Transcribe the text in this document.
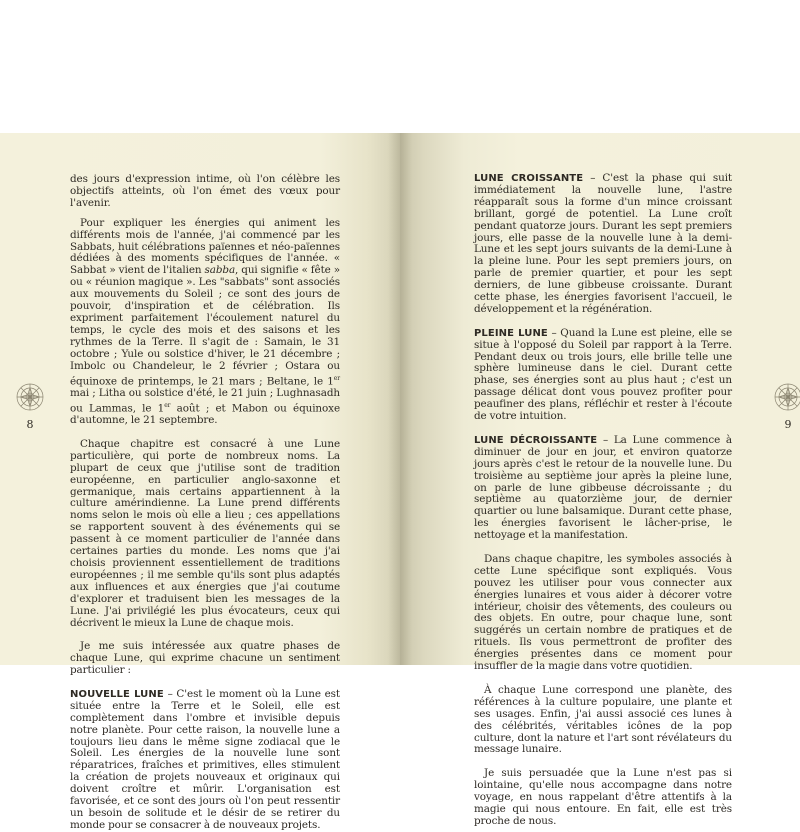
des jours d'expression intime, où l'on célèbre les objectifs atteints, où l'on émet des vœux pour l'avenir.

Pour expliquer les énergies qui animent les différents mois de l'année, j'ai commencé par les Sabbats, huit célébrations païennes et néo-païennes dédiées à des moments spécifiques de l'année. « Sabbat » vient de l'italien sabba, qui signifie « fête » ou « réunion magique ». Les "sabbats" sont associés aux mouvements du Soleil ; ce sont des jours de pouvoir, d'inspiration et de célébration. Ils expriment parfaitement l'écoulement naturel du temps, le cycle des mois et des saisons et les rythmes de la Terre. Il s'agit de : Samain, le 31 octobre ; Yule ou solstice d'hiver, le 21 décembre ; Imbolc ou Chandeleur, le 2 février ; Ostara ou équinoxe de printemps, le 21 mars ; Beltane, le 1er mai ; Litha ou solstice d'été, le 21 juin ; Lughnasadh ou Lammas, le 1er août ; et Mabon ou équinoxe d'automne, le 21 septembre.

Chaque chapitre est consacré à une Lune particulière, qui porte de nombreux noms. La plupart de ceux que j'utilise sont de tradition européenne, en particulier anglo-saxonne et germanique, mais certains appartiennent à la culture amérindienne. La Lune prend différents noms selon le mois où elle a lieu ; ces appellations se rapportent souvent à des événements qui se passent à ce moment particulier de l'année dans certaines parties du monde. Les noms que j'ai choisis proviennent essentiellement de traditions européennes ; il me semble qu'ils sont plus adaptés aux influences et aux énergies que j'ai coutume d'explorer et traduisent bien les messages de la Lune. J'ai privilégié les plus évocateurs, ceux qui décrivent le mieux la Lune de chaque mois.

Je me suis intéressée aux quatre phases de chaque Lune, qui exprime chacune un sentiment particulier :

NOUVELLE LUNE – C'est le moment où la Lune est située entre la Terre et le Soleil, elle est complètement dans l'ombre et invisible depuis notre planète. Pour cette raison, la nouvelle lune a toujours lieu dans le même signe zodiacal que le Soleil. Les énergies de la nouvelle lune sont réparatrices, fraîches et primitives, elles stimulent la création de projets nouveaux et originaux qui doivent croître et mûrir. L'organisation est favorisée, et ce sont des jours où l'on peut ressentir un besoin de solitude et le désir de se retirer du monde pour se consacrer à de nouveaux projets.

LUNE CROISSANTE – C'est la phase qui suit immédiatement la nouvelle lune, l'astre réapparaît sous la forme d'un mince croissant brillant, gorgé de potentiel. La Lune croît pendant quatorze jours. Durant les sept premiers jours, elle passe de la nouvelle lune à la demi-Lune et les sept jours suivants de la demi-Lune à la pleine lune. Pour les sept premiers jours, on parle de premier quartier, et pour les sept derniers, de lune gibbeuse croissante. Durant cette phase, les énergies favorisent l'accueil, le développement et la régénération.

PLEINE LUNE – Quand la Lune est pleine, elle se situe à l'opposé du Soleil par rapport à la Terre. Pendant deux ou trois jours, elle brille telle une sphère lumineuse dans le ciel. Durant cette phase, ses énergies sont au plus haut ; c'est un passage délicat dont vous pouvez profiter pour peaufiner des plans, réfléchir et rester à l'écoute de votre intuition.

LUNE DÉCROISSANTE – La Lune commence à diminuer de jour en jour, et environ quatorze jours après c'est le retour de la nouvelle lune. Du troisième au septième jour après la pleine lune, on parle de lune gibbeuse décroissante ; du septième au quatorzième jour, de dernier quartier ou lune balsamique. Durant cette phase, les énergies favorisent le lâcher-prise, le nettoyage et la manifestation.

Dans chaque chapitre, les symboles associés à cette Lune spécifique sont expliqués. Vous pouvez les utiliser pour vous connecter aux énergies lunaires et vous aider à décorer votre intérieur, choisir des vêtements, des couleurs ou des objets. En outre, pour chaque lune, sont suggérés un certain nombre de pratiques et de rituels. Ils vous permettront de profiter des énergies présentes dans ce moment pour insuffler de la magie dans votre quotidien.

À chaque Lune correspond une planète, des références à la culture populaire, une plante et ses usages. Enfin, j'ai aussi associé ces lunes à des célébrités, véritables icônes de la pop culture, dont la nature et l'art sont révélateurs du message lunaire.

Je suis persuadée que la Lune n'est pas si lointaine, qu'elle nous accompagne dans notre voyage, en nous rappelant d'être attentifs à la magie qui nous entoure. En fait, elle est très proche de nous.

8	9
